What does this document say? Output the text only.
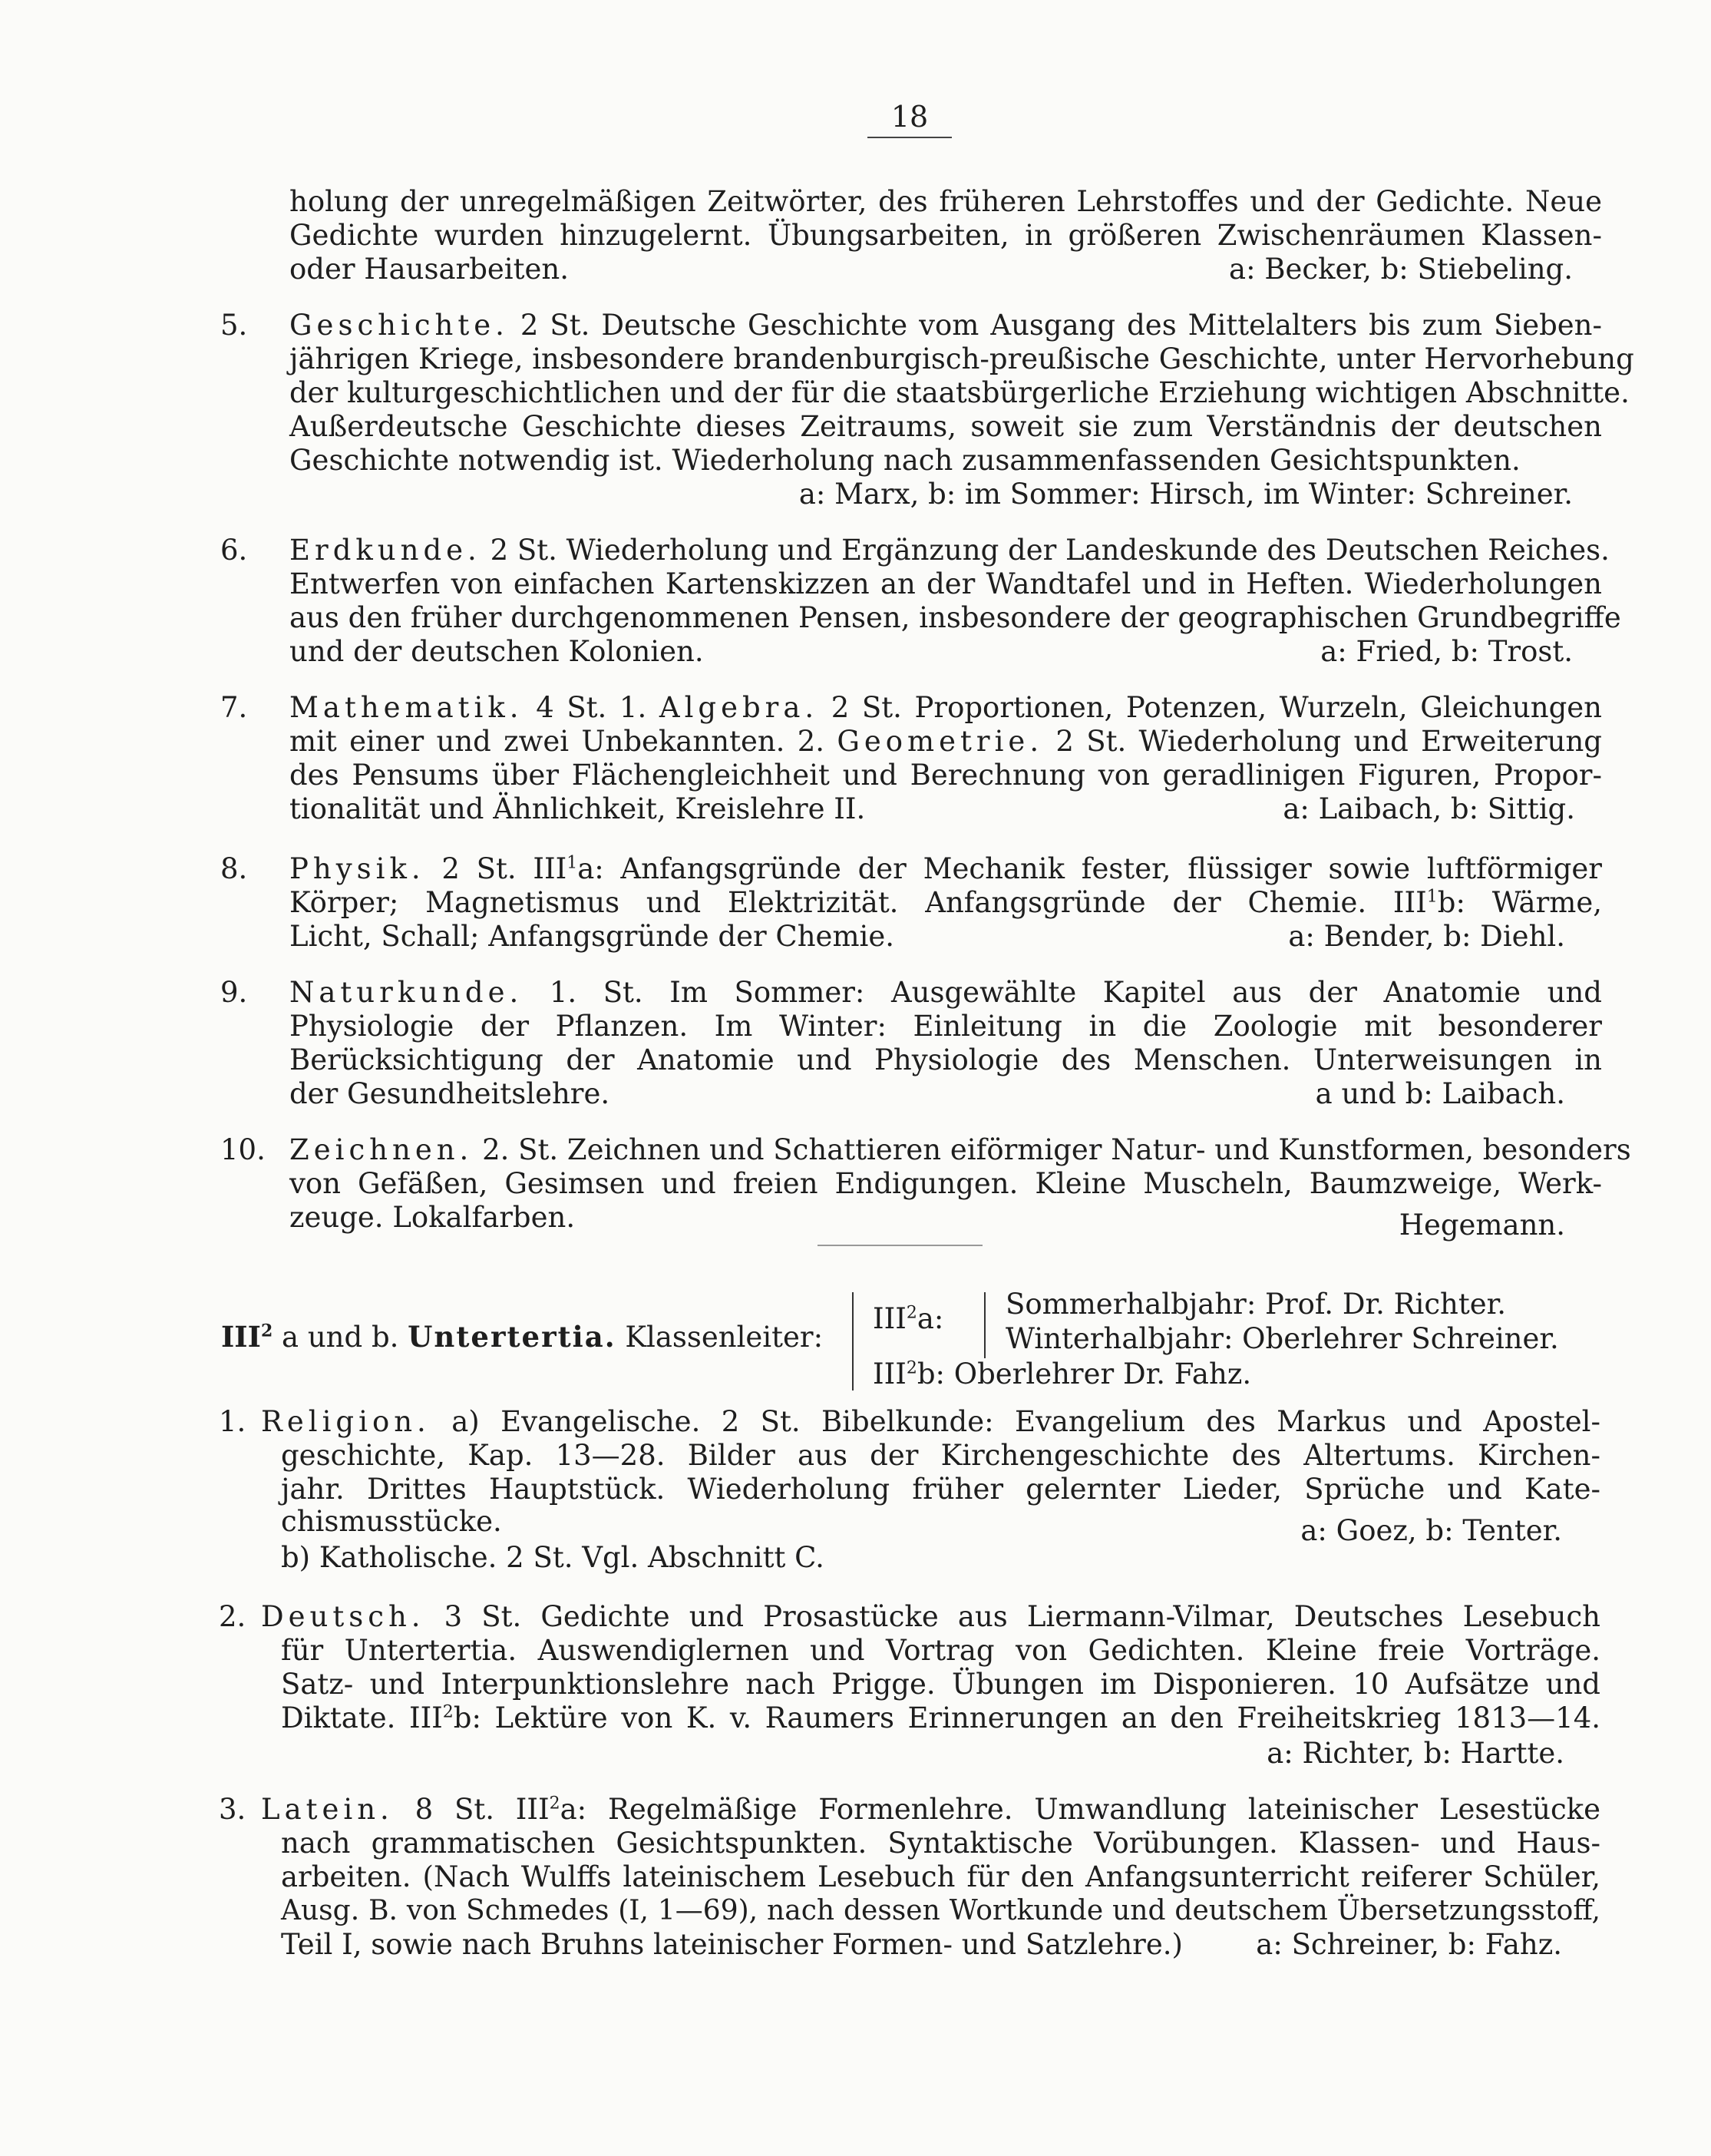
18
holung der unregelmäßigen Zeitwörter, des früheren Lehrstoffes und der Gedichte. Neue
Gedichte wurden hinzugelernt. Übungsarbeiten, in größeren Zwischenräumen Klassen-
oder Hausarbeiten.	a: Becker, b: Stiebeling.
5. Geschichte. 2 St. Deutsche Geschichte vom Ausgang des Mittelalters bis zum Sieben-
jährigen Kriege, insbesondere brandenburgisch-preußische Geschichte, unter Hervorhebung
der kulturgeschichtlichen und der für die staatsbürgerliche Erziehung wichtigen Abschnitte.
Außerdeutsche Geschichte dieses Zeitraums, soweit sie zum Verständnis der deutschen
Geschichte notwendig ist. Wiederholung nach zusammenfassenden Gesichtspunkten.
a: Marx, b: im Sommer: Hirsch, im Winter: Schreiner.
6. Erdkunde. 2 St. Wiederholung und Ergänzung der Landeskunde des Deutschen Reiches.
Entwerfen von einfachen Kartenskizzen an der Wandtafel und in Heften. Wiederholungen
aus den früher durchgenommenen Pensen, insbesondere der geographischen Grundbegriffe
und der deutschen Kolonien.	a: Fried, b: Trost.
7. Mathematik. 4 St. 1. Algebra. 2 St. Proportionen, Potenzen, Wurzeln, Gleichungen
mit einer und zwei Unbekannten. 2. Geometrie. 2 St. Wiederholung und Erweiterung
des Pensums über Flächengleichheit und Berechnung von geradlinigen Figuren, Propor-
tionalität und Ähnlichkeit, Kreislehre II.	a: Laibach, b: Sittig.
8. Physik. 2 St. III$^1$a: Anfangsgründe der Mechanik fester, flüssiger sowie luftförmiger
Körper; Magnetismus und Elektrizität. Anfangsgründe der Chemie. III$^1$b: Wärme,
Licht, Schall; Anfangsgründe der Chemie.	a: Bender, b: Diehl.
9. Naturkunde. 1. St. Im Sommer: Ausgewählte Kapitel aus der Anatomie und
Physiologie der Pflanzen. Im Winter: Einleitung in die Zoologie mit besonderer
Berücksichtigung der Anatomie und Physiologie des Menschen. Unterweisungen in
der Gesundheitslehre.	a und b: Laibach.
10. Zeichnen. 2. St. Zeichnen und Schattieren eiförmiger Natur- und Kunstformen, besonders
von Gefäßen, Gesimsen und freien Endigungen. Kleine Muscheln, Baumzweige, Werk-
zeuge. Lokalfarben.	Hegemann.
III$^2$ a und b. Untertertia. Klassenleiter:
III$^2$a: Sommerhalbjahr: Prof. Dr. Richter.
Winterhalbjahr: Oberlehrer Schreiner.
III$^2$b: Oberlehrer Dr. Fahz.
1. Religion. a) Evangelische. 2 St. Bibelkunde: Evangelium des Markus und Apostel-
geschichte, Kap. 13—28. Bilder aus der Kirchengeschichte des Altertums. Kirchen-
jahr. Drittes Hauptstück. Wiederholung früher gelernter Lieder, Sprüche und Kate-
chismusstücke.	a: Goez, b: Tenter.
b) Katholische. 2 St. Vgl. Abschnitt C.
2. Deutsch. 3 St. Gedichte und Prosastücke aus Liermann-Vilmar, Deutsches Lesebuch
für Untertertia. Auswendiglernen und Vortrag von Gedichten. Kleine freie Vorträge.
Satz- und Interpunktionslehre nach Prigge. Übungen im Disponieren. 10 Aufsätze und
Diktate. III$^2$b: Lektüre von K. v. Raumers Erinnerungen an den Freiheitskrieg 1813—14.
a: Richter, b: Hartte.
3. Latein. 8 St. III$^2$a: Regelmäßige Formenlehre. Umwandlung lateinischer Lesestücke
nach grammatischen Gesichtspunkten. Syntaktische Vorübungen. Klassen- und Haus-
arbeiten. (Nach Wulffs lateinischem Lesebuch für den Anfangsunterricht reiferer Schüler,
Ausg. B. von Schmedes (I, 1—69), nach dessen Wortkunde und deutschem Übersetzungsstoff,
Teil I, sowie nach Bruhns lateinischer Formen- und Satzlehre.)	a: Schreiner, b: Fahz.
